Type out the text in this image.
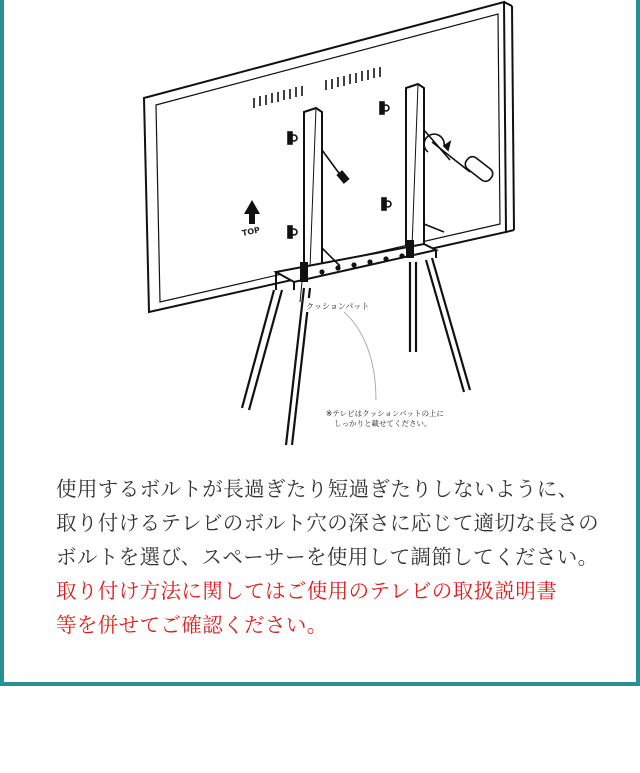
TOP
クッションパット
※テレビはクッションパットの上に
しっかりと載せてください。
使用するボルトが長過ぎたり短過ぎたりしないように、
取り付けるテレビのボルト穴の深さに応じて適切な長さの
ボルトを選び、スペーサーを使用して調節してください。
取り付け方法に関してはご使用のテレビの取扱説明書
等を併せてご確認ください。
